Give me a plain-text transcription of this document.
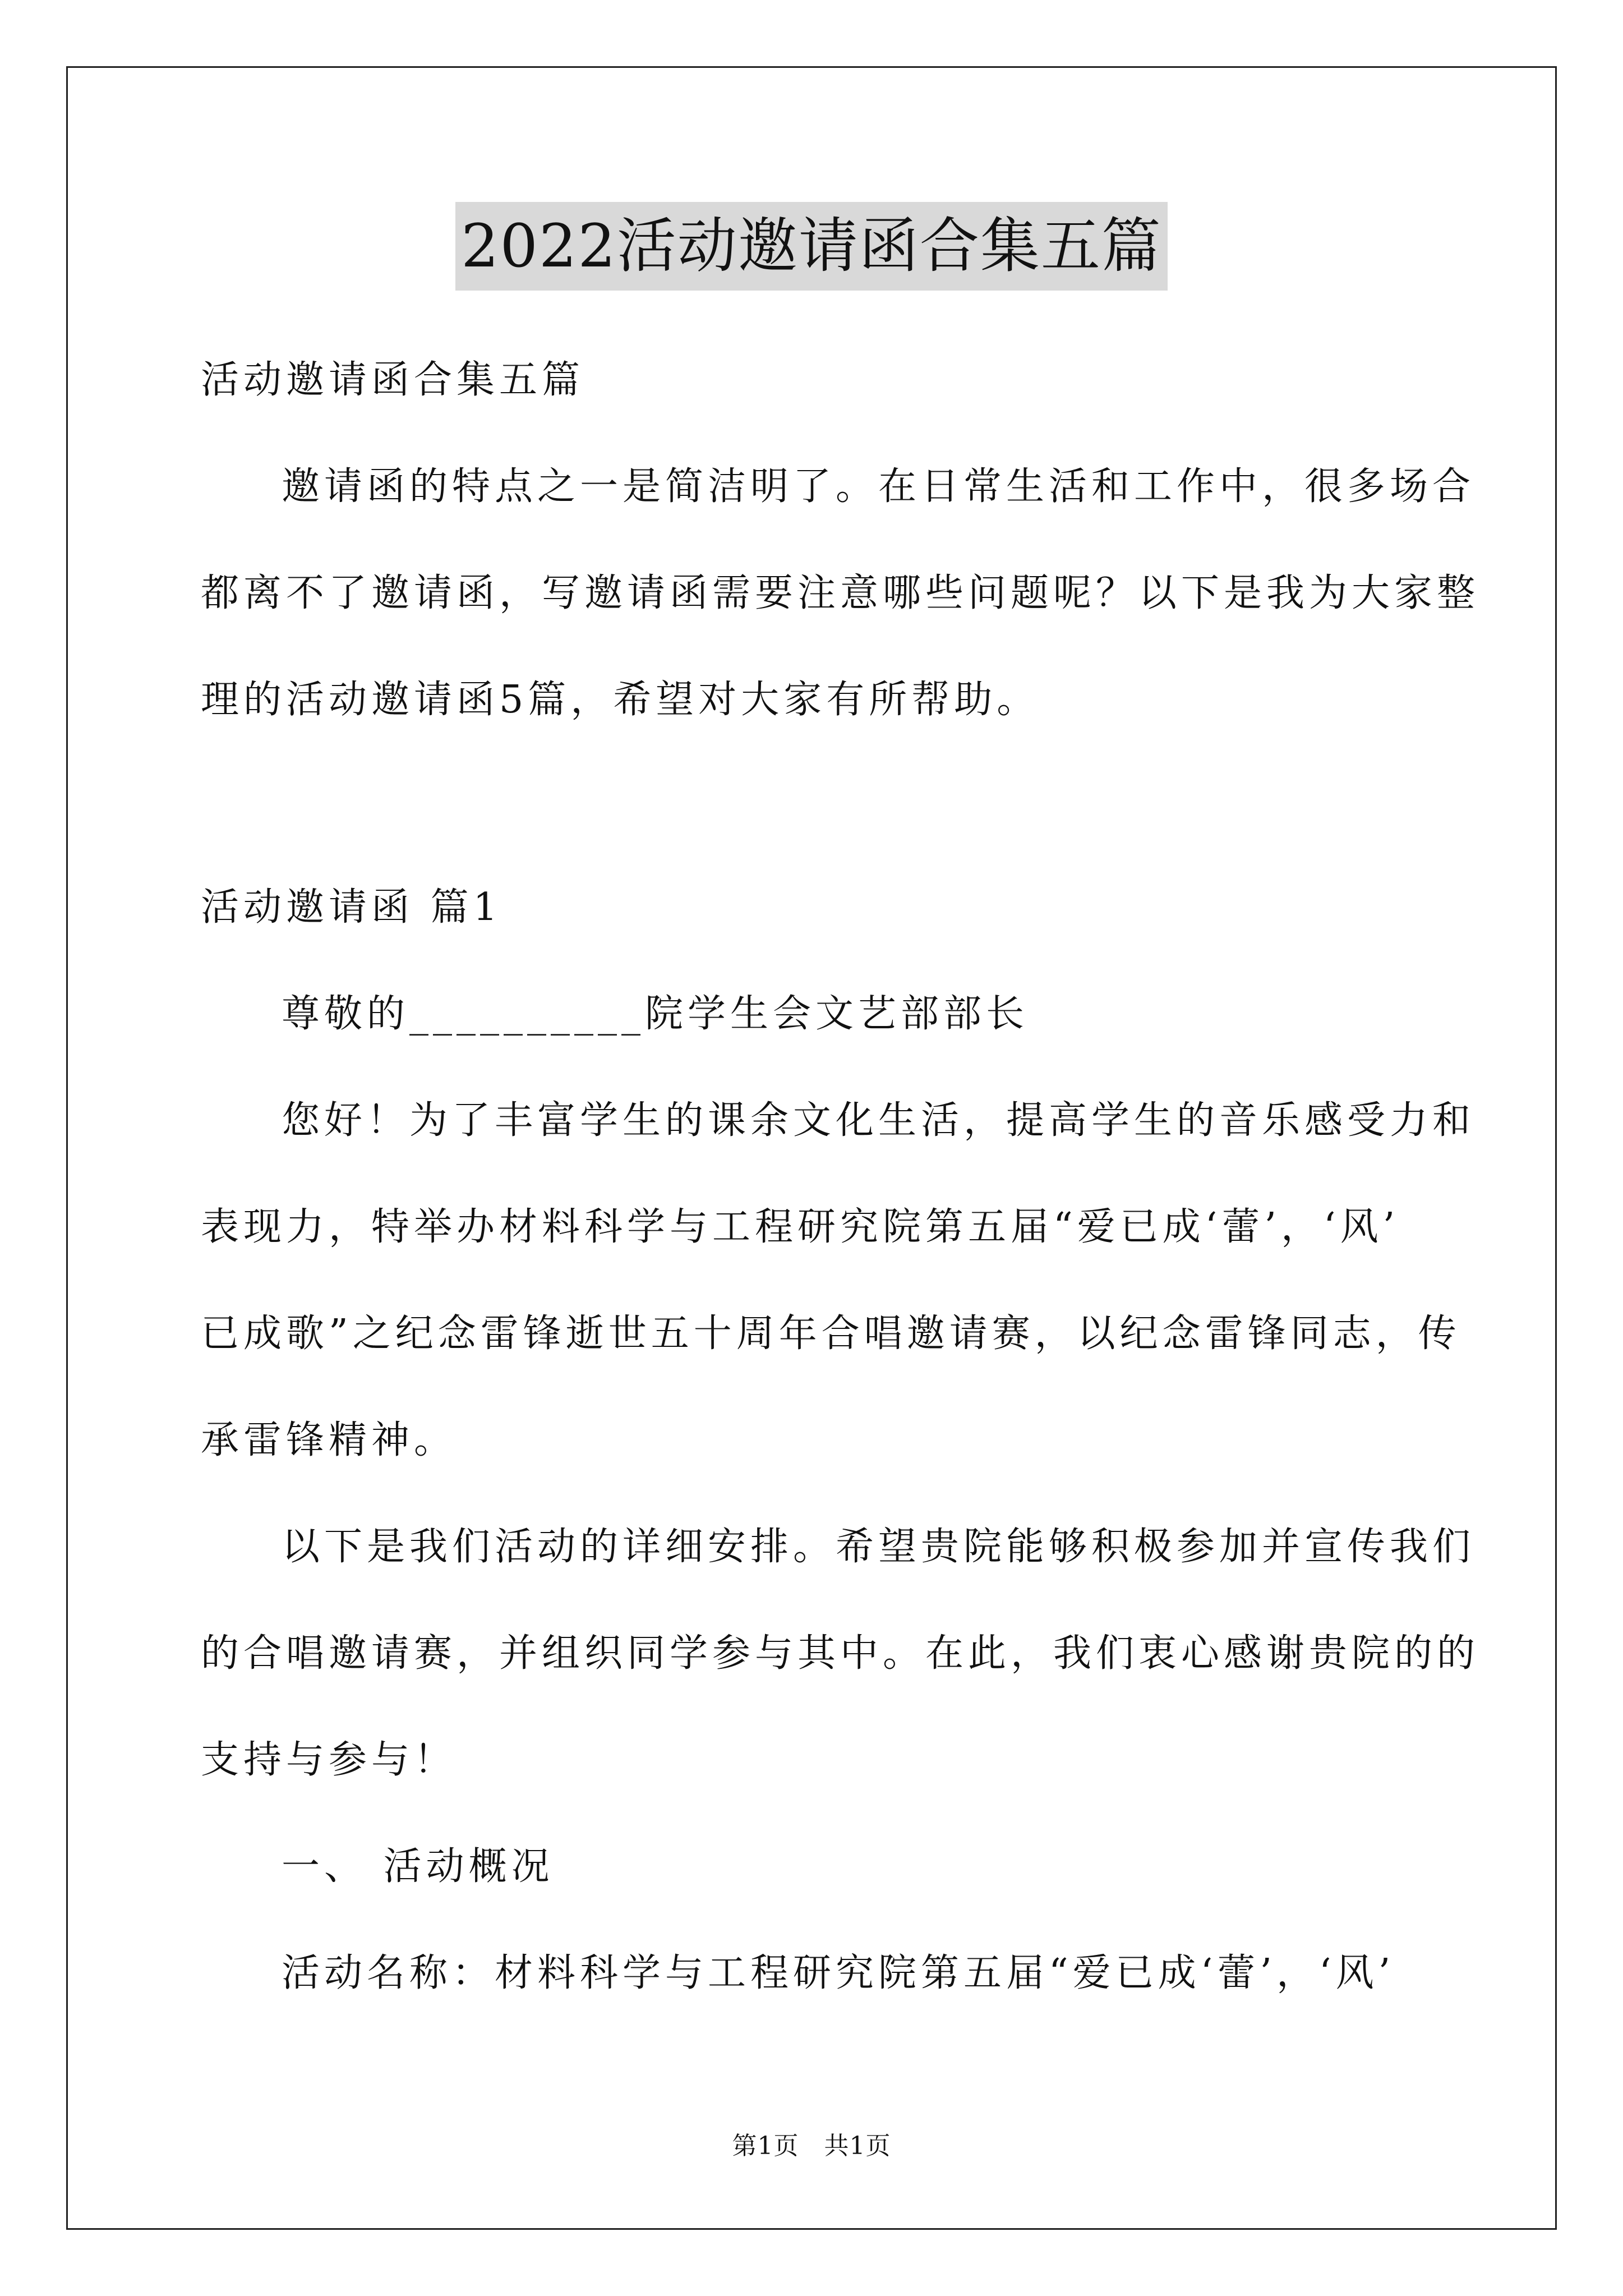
2022活动邀请函合集五篇
活动邀请函合集五篇
邀请函的特点之一是简洁明了。在日常生活和工作中，很多场合
都离不了邀请函，写邀请函需要注意哪些问题呢？以下是我为大家整
理的活动邀请函5篇，希望对大家有所帮助。
活动邀请函 篇1
尊敬的__________院学生会文艺部部长
您好！为了丰富学生的课余文化生活，提高学生的音乐感受力和
表现力，特举办材料科学与工程研究院第五届“爱已成‘蕾’，‘风’
已成歌”之纪念雷锋逝世五十周年合唱邀请赛，以纪念雷锋同志，传
承雷锋精神。
以下是我们活动的详细安排。希望贵院能够积极参加并宣传我们
的合唱邀请赛，并组织同学参与其中。在此，我们衷心感谢贵院的的
支持与参与！
一、 活动概况
活动名称：材料科学与工程研究院第五届“爱已成‘蕾’，‘风’
第1页   共1页
